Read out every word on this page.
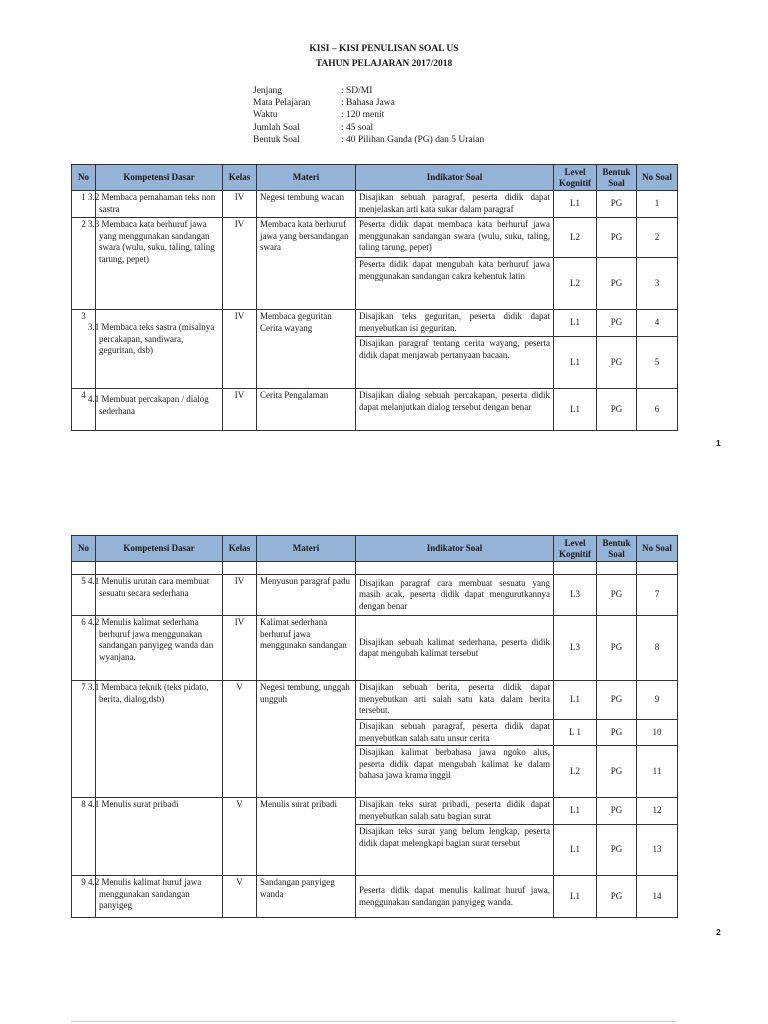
KISI – KISI PENULISAN SOAL US
TAHUN PELAJARAN 2017/2018
Jenjang	: SD/MI
Mata Pelajaran	: Bahasa Jawa
Waktu	: 120 menit
Jumlah Soal	: 45 soal
Bentuk Soal	: 40 Pilihan Ganda (PG) dan 5 Uraian
No	Kompetensi Dasar	Kelas	Materi	Indikator Soal	Level Kognitif	Bentuk Soal	No Soal
1	3.2 Membaca pemahaman teks non sastra	IV	Negesi tembung wacan	Disajikan sebuah paragraf, peserta didik dapat menjelaskan arti kata sukar dalam paragraf	L1	PG	1
2	3.3 Membaca kata berhuruf jawa yang menggunakan sandangan swara (wulu, suku, taling, taling tarung, pepet)	IV	Membaca kata berhuruf jawa yang bersandangan swara	Peserta didik dapat membaca kata berhuruf jawa menggunakan sandangan swara (wulu, suku, taling, taling tarung, pepet)	L2	PG	2
				Peserta didik dapat mengubah kata berhuruf jawa menggunakan sandangan cakra kebentuk latin	L2	PG	3
3	3.1 Membaca teks sastra (misalnya percakapan, sandiwara, geguritan, dsb)	IV	Membaca geguritan Cerita wayang	Disajikan teks geguritan, peserta didik dapat menyebutkan isi geguritan.	L1	PG	4
				Disajikan paragraf tentang cerita wayang, peserta didik dapat menjawab pertanyaan bacaan.	L1	PG	5
4	4.1 Membuat percakapan / dialog sederhana	IV	Cerita Pengalaman	Disajikan dialog sebuah percakapan, peserta didik dapat melanjutkan dialog tersebut dengan benar	L1	PG	6
1
No	Kompetensi Dasar	Kelas	Materi	Indikator Soal	Level Kognitif	Bentuk Soal	No Soal

5	4.1 Menulis urutan cara membuat sesuatu secara sederhana	IV	Menyusun paragraf padu	Disajikan paragraf cara membuat sesuatu yang masih acak, peserta didik dapat mengurutkannya dengan benar	L3	PG	7
6	4.2 Menulis kalimat sederhana berhuruf jawa menggunakan sandangan panyigeg wanda dan wyanjana.	IV	Kalimat sederhana berhuruf jawa menggunakn sandangan	Disajikan sebuah kalimat sederhana, peserta didik dapat mengubah kalimat tersebut	L3	PG	8
7	3.1 Membaca teknik (teks pidato, berita, dialog,dsb)	V	Negesi tembung, unggah ungguh	Disajikan sebuah berita, peserta didik dapat menyebutkan arti salah satu kata dalam berita tersebut.	L1	PG	9
				Disajikan sebuah paragraf, peserta didik dapat menyebutkan salah satu unsur cerita	L 1	PG	10
				Disajikan kalimat berbahasa jawa ngoko alus, peserta didik dapat mengubah kalimat ke dalam bahasa jawa krama inggil	L2	PG	11
8	4.1 Menulis surat pribadi	V	Menulis surat pribadi	Disajikan teks surat pribadi, peserta didik dapat menyebutkan salah satu bagian surat	L1	PG	12
				Disajikan teks surat yang belum lengkap, peserta didik dapat melengkapi bagian surat tersebut	L1	PG	13
9	4.2 Menulis kalimat huruf jawa menggunakan sandangan panyigeg	V	Sandangan panyigeg wanda	Peserta didik dapat menulis kalimat huruf jawa, menggunakan sandangan panyigeg wanda.	L1	PG	14
2
